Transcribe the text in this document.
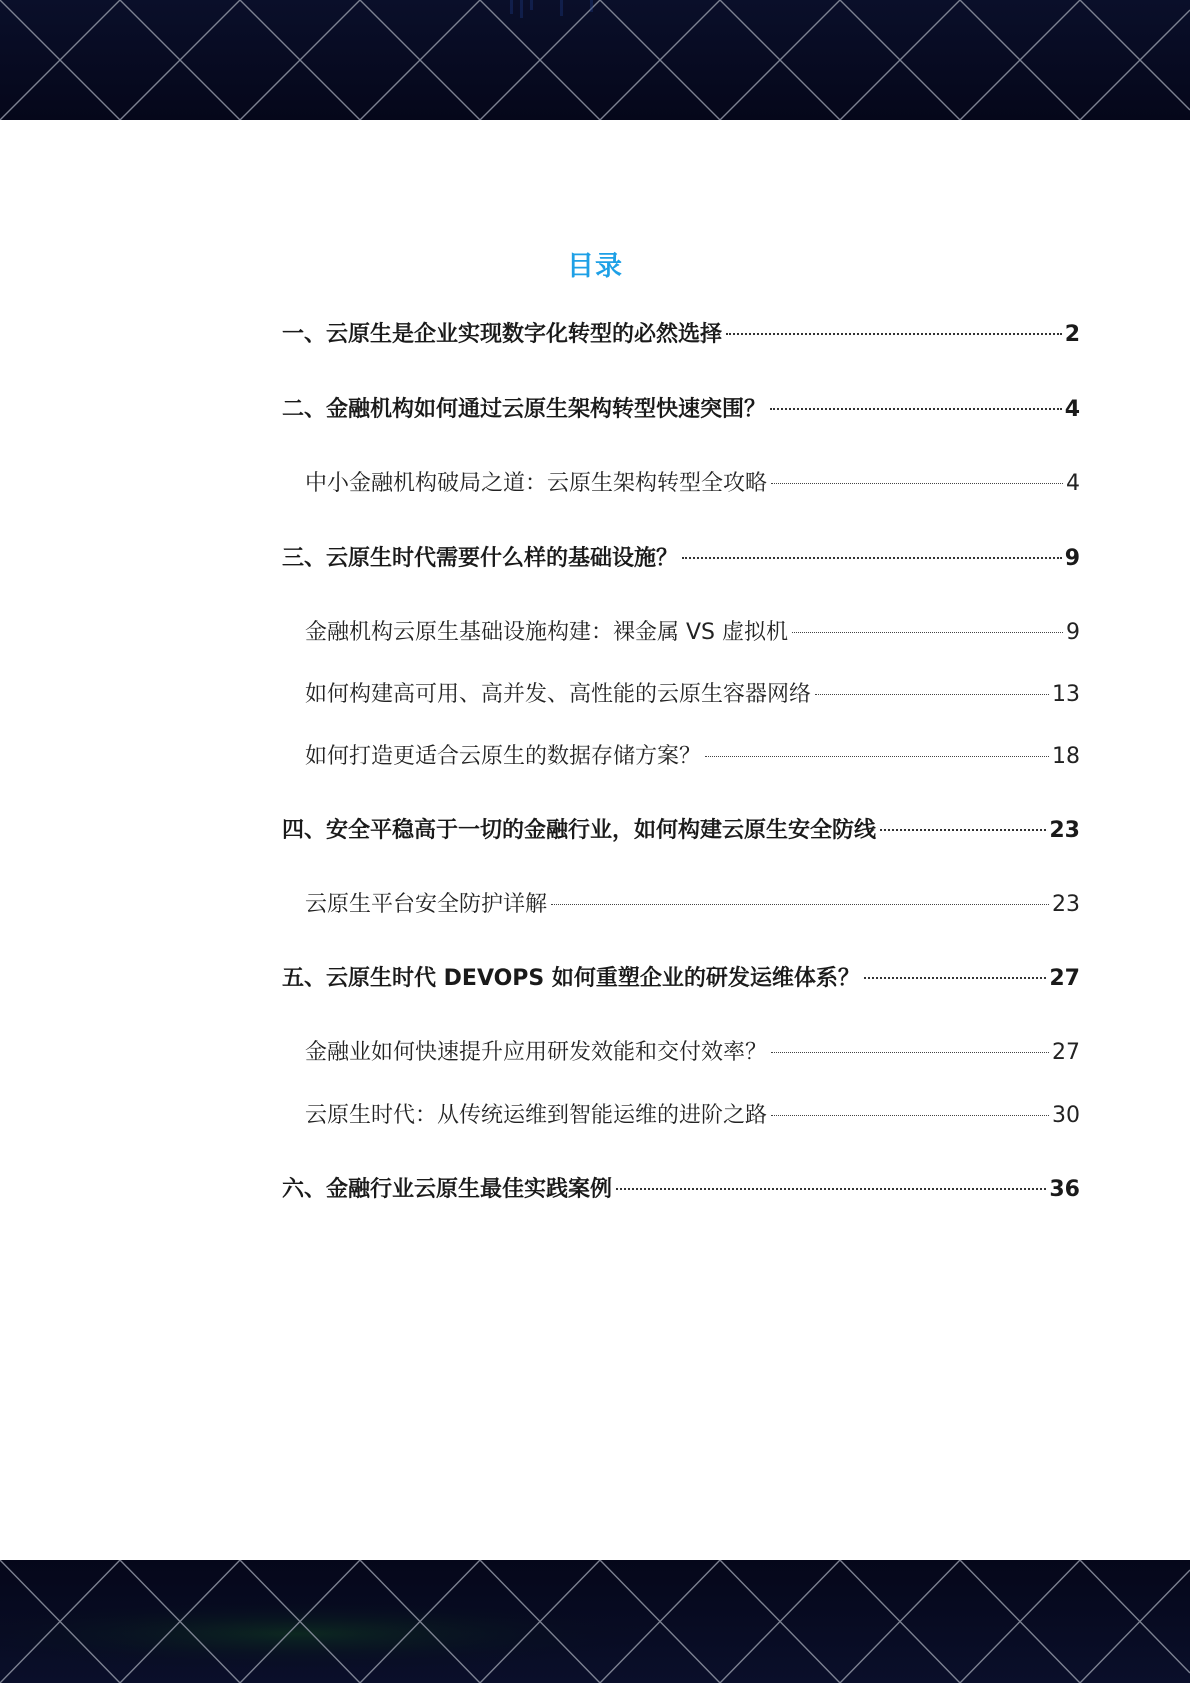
目录
一、云原生是企业实现数字化转型的必然选择	2
二、金融机构如何通过云原生架构转型快速突围？	4
中小金融机构破局之道：云原生架构转型全攻略	4
三、云原生时代需要什么样的基础设施？	9
金融机构云原生基础设施构建：裸金属 VS 虚拟机	9
如何构建高可用、高并发、高性能的云原生容器网络	13
如何打造更适合云原生的数据存储方案？	18
四、安全平稳高于一切的金融行业，如何构建云原生安全防线	23
云原生平台安全防护详解	23
五、云原生时代 DEVOPS 如何重塑企业的研发运维体系？	27
金融业如何快速提升应用研发效能和交付效率？	27
云原生时代：从传统运维到智能运维的进阶之路	30
六、金融行业云原生最佳实践案例	36
